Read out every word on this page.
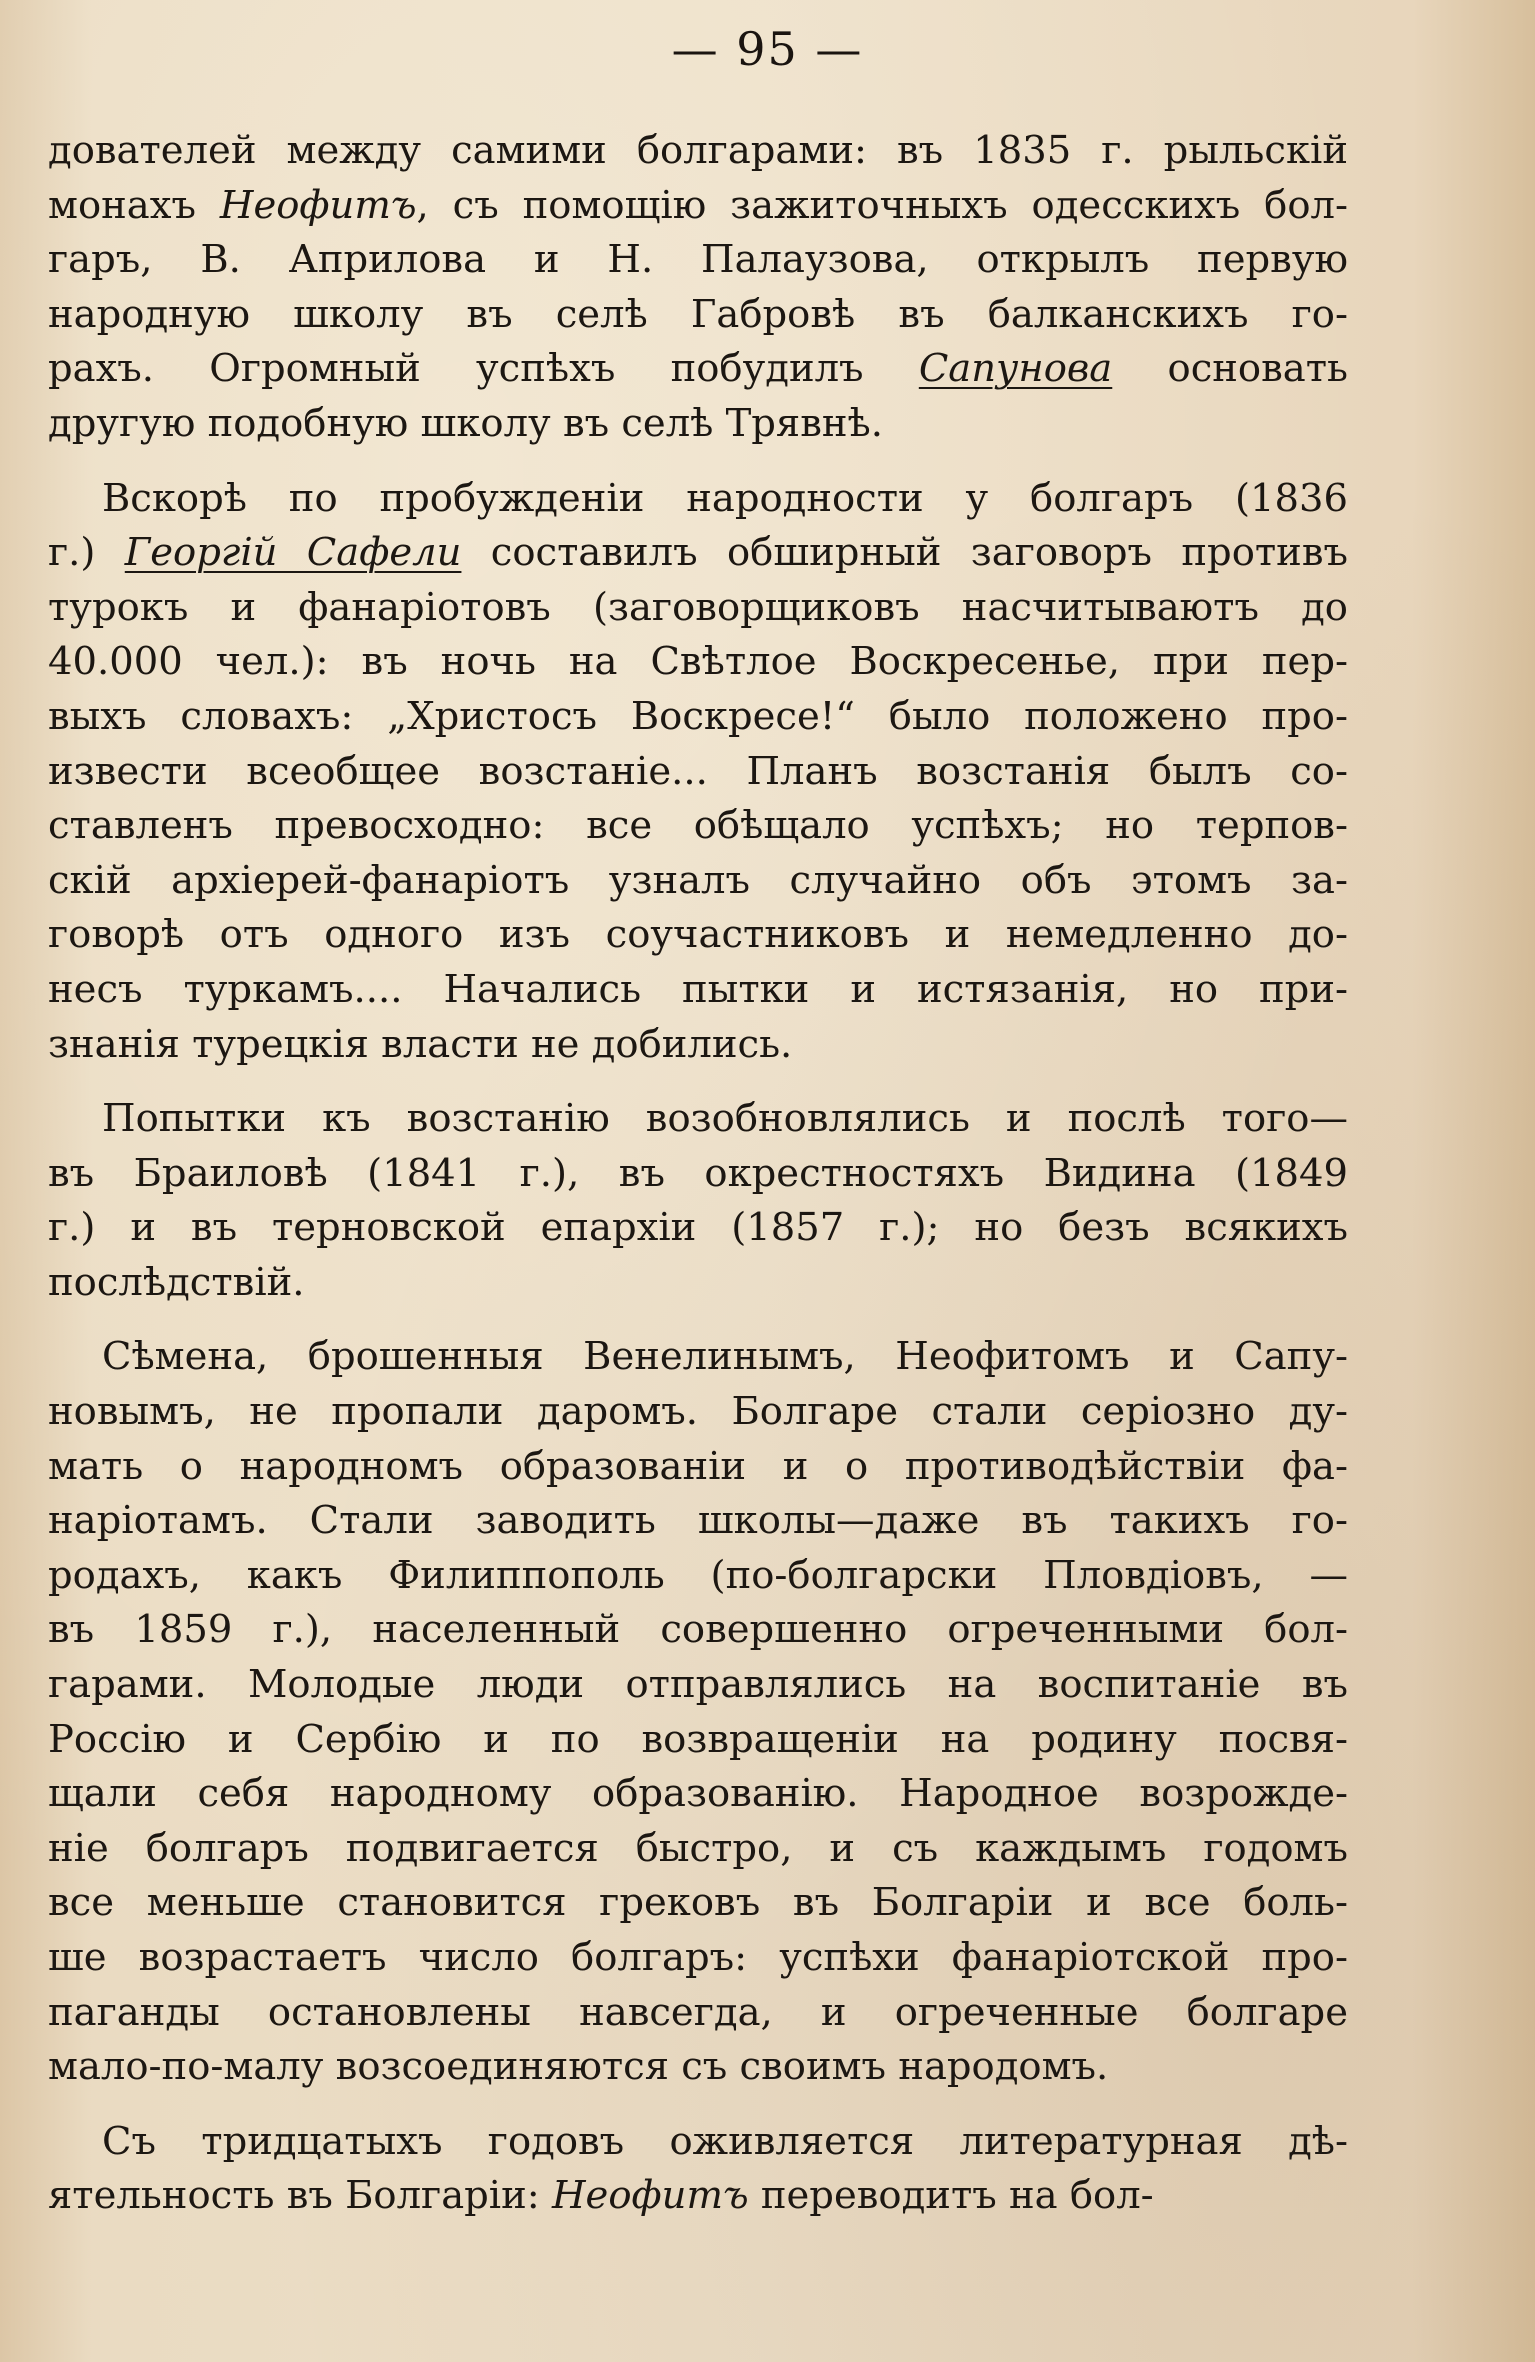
— 95 —
дователей между самими болгарами: въ 1835 г. рыльскій
монахъ Неофитъ, съ помощію зажиточныхъ одесскихъ бол-
гаръ, В. Априлова и Н. Палаузова, открылъ первую
народную школу въ селѣ Габровѣ въ балканскихъ го-
рахъ. Огромный успѣхъ побудилъ Сапунова основать
другую подобную школу въ селѣ Трявнѣ.
Вскорѣ по пробужденіи народности у болгаръ (1836
г.) Георгій Сафели составилъ обширный заговоръ противъ
турокъ и фанаріотовъ (заговорщиковъ насчитываютъ до
40.000 чел.): въ ночь на Свѣтлое Воскресенье, при пер-
выхъ словахъ: „Христосъ Воскресе!“ было положено про-
извести всеобщее возстаніе... Планъ возстанія былъ со-
ставленъ превосходно: все обѣщало успѣхъ; но терпов-
скій архіерей-фанаріотъ узналъ случайно объ этомъ за-
говорѣ отъ одного изъ соучастниковъ и немедленно до-
несъ туркамъ.... Начались пытки и истязанія, но при-
знанія турецкія власти не добились.
Попытки къ возстанію возобновлялись и послѣ того—
въ Браиловѣ (1841 г.), въ окрестностяхъ Видина (1849
г.) и въ терновской епархіи (1857 г.); но безъ всякихъ
послѣдствій.
Сѣмена, брошенныя Венелинымъ, Неофитомъ и Сапу-
новымъ, не пропали даромъ. Болгаре стали серіозно ду-
мать о народномъ образованіи и о противодѣйствіи фа-
наріотамъ. Стали заводить школы—даже въ такихъ го-
родахъ, какъ Филиппополь (по-болгарски Пловдіовъ, —
въ 1859 г.), населенный совершенно огреченными бол-
гарами. Молодые люди отправлялись на воспитаніе въ
Россію и Сербію и по возвращеніи на родину посвя-
щали себя народному образованію. Народное возрожде-
ніе болгаръ подвигается быстро, и съ каждымъ годомъ
все меньше становится грековъ въ Болгаріи и все боль-
ше возрастаетъ число болгаръ: успѣхи фанаріотской про-
паганды остановлены навсегда, и огреченные болгаре
мало-по-малу возсоединяются съ своимъ народомъ.
Съ тридцатыхъ годовъ оживляется литературная дѣ-
ятельность въ Болгаріи: Неофитъ переводитъ на бол-
